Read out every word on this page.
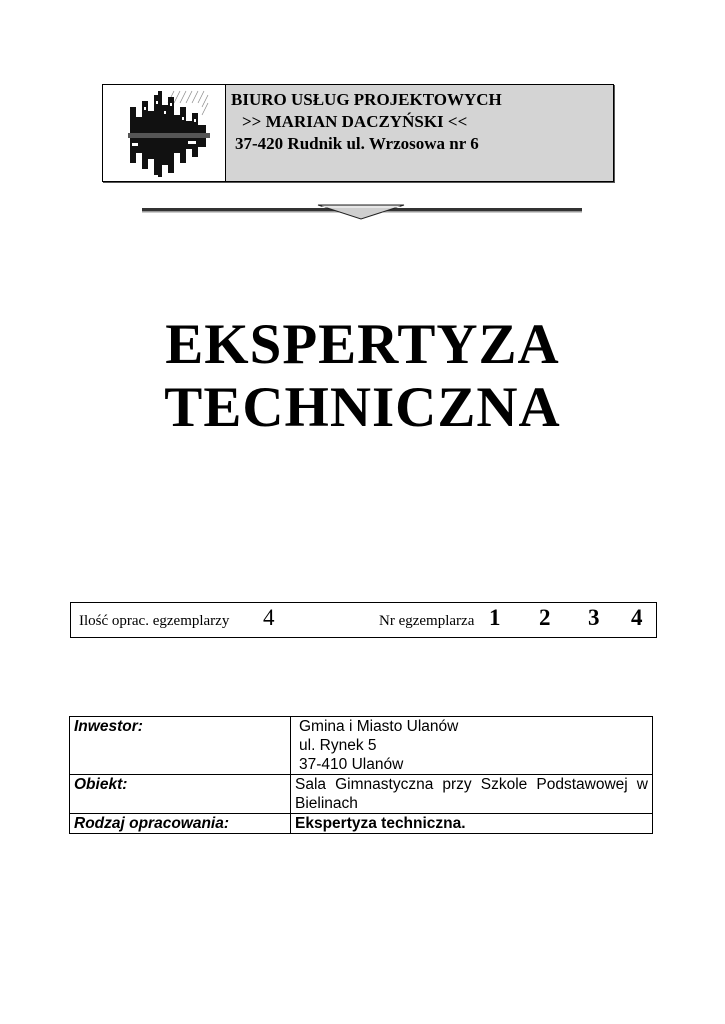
BIURO USŁUG PROJEKTOWYCH
>> MARIAN DACZYŃSKI <<
37-420 Rudnik ul. Wrzosowa nr 6
EKSPERTYZA
TECHNICZNA
Ilość oprac. egzemplarzy 4	Nr egzemplarza 1 2 3 4
Inwestor:	Gmina i Miasto Ulanów
ul. Rynek 5
37-410 Ulanów

Obiekt:	Sala Gimnastyczna przy Szkole Podstawowej w Bielinach
Rodzaj opracowania:	Ekspertyza techniczna.
